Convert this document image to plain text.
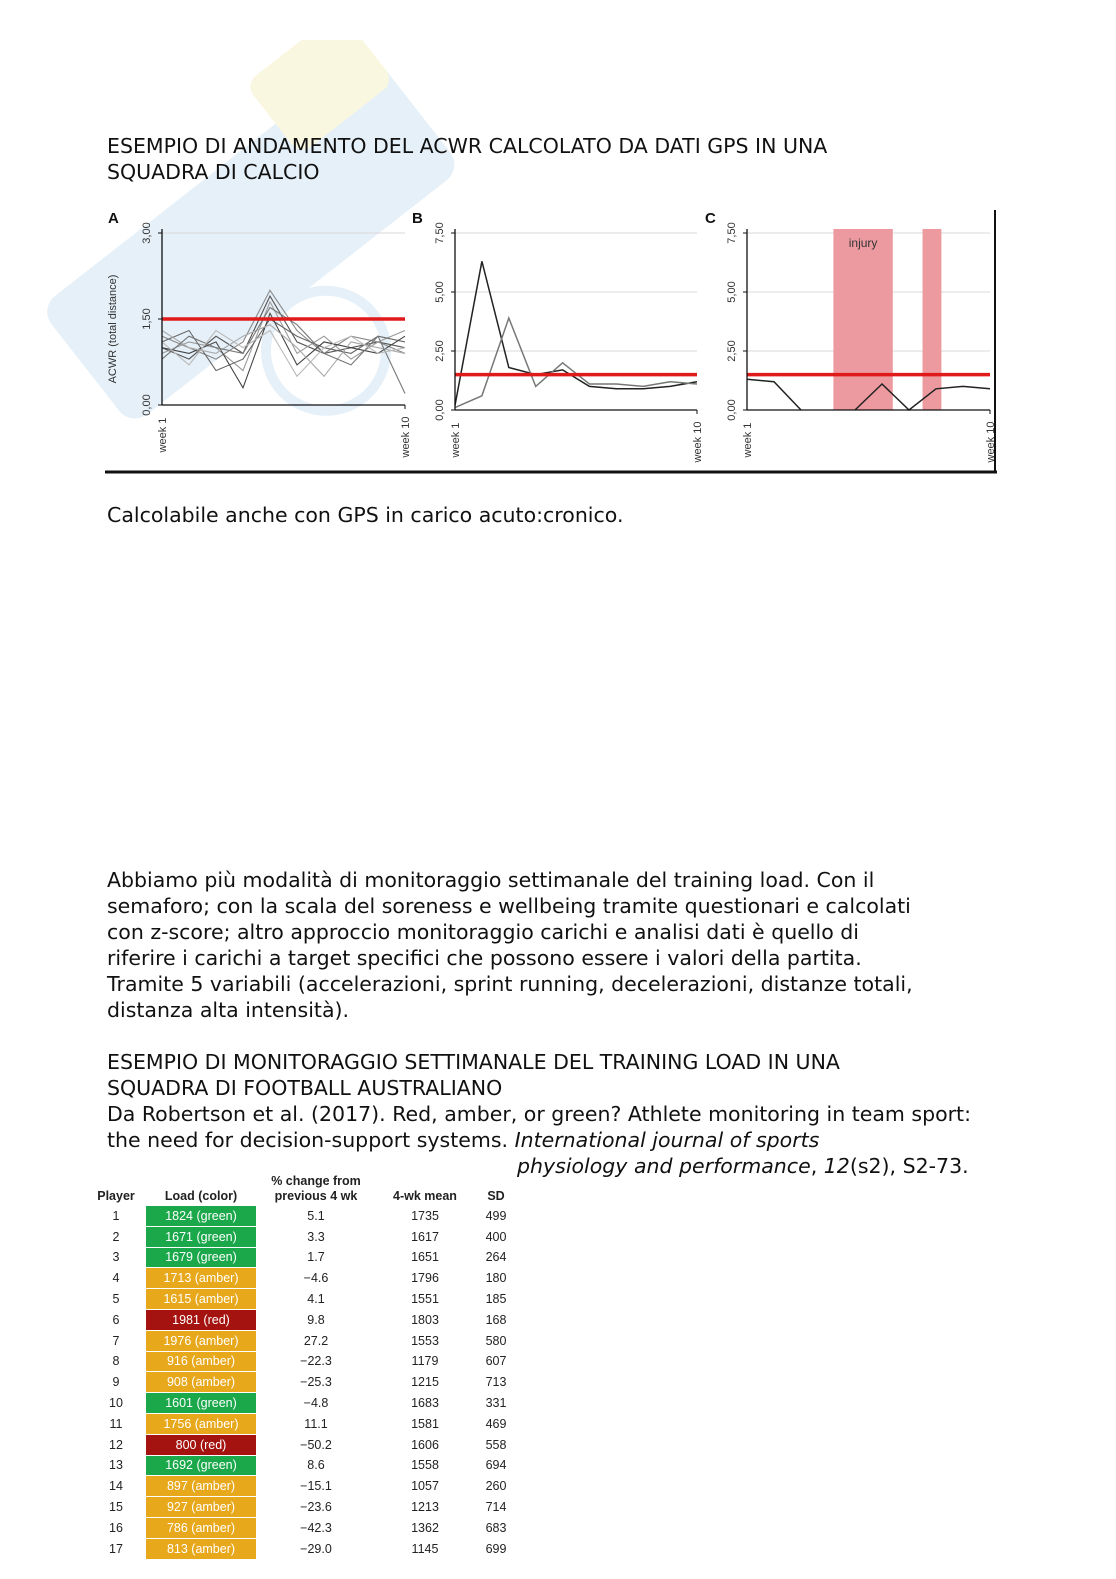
ESEMPIO DI ANDAMENTO DEL ACWR CALCOLATO DA DATI GPS IN UNA
SQUADRA DI CALCIO
A
0,00
1,50
3,00
week 1	week 10
ACWR (total distance)
B
0,00
2,50
5,00
7,50
week 1	week 10
C
0,00
2,50
5,00
7,50	injury
week 1	week 10

Calcolabile anche con GPS in carico acuto:cronico.

Abbiamo più modalità di monitoraggio settimanale del training load. Con il
semaforo; con la scala del soreness e wellbeing tramite questionari e calcolati
con z-score; altro approccio monitoraggio carichi e analisi dati è quello di
riferire i carichi a target specifici che possono essere i valori della partita.
Tramite 5 variabili (accelerazioni, sprint running, decelerazioni, distanze totali,
distanza alta intensità).
ESEMPIO DI MONITORAGGIO SETTIMANALE DEL TRAINING LOAD IN UNA
SQUADRA DI FOOTBALL AUSTRALIANO

Da Robertson et al. (2017). Red, amber, or green? Athlete monitoring in team sport: the need for decision-support systems. International journal of sports

physiology and performance, 12(s2), S2-73.

Player	Load (color)	% change from
previous 4 wk	4-wk mean	SD
1	1824 (green)	5.1	1735	499
2	1671 (green)	3.3	1617	400
3	1679 (green)	1.7	1651	264
4	1713 (amber)	−4.6	1796	180
5	1615 (amber)	4.1	1551	185
6	1981 (red)	9.8	1803	168
7	1976 (amber)	27.2	1553	580
8	916 (amber)	−22.3	1179	607
9	908 (amber)	−25.3	1215	713
10	1601 (green)	−4.8	1683	331
11	1756 (amber)	11.1	1581	469
12	800 (red)	−50.2	1606	558
13	1692 (green)	8.6	1558	694
14	897 (amber)	−15.1	1057	260
15	927 (amber)	−23.6	1213	714
16	786 (amber)	−42.3	1362	683
17	813 (amber)	−29.0	1145	699
